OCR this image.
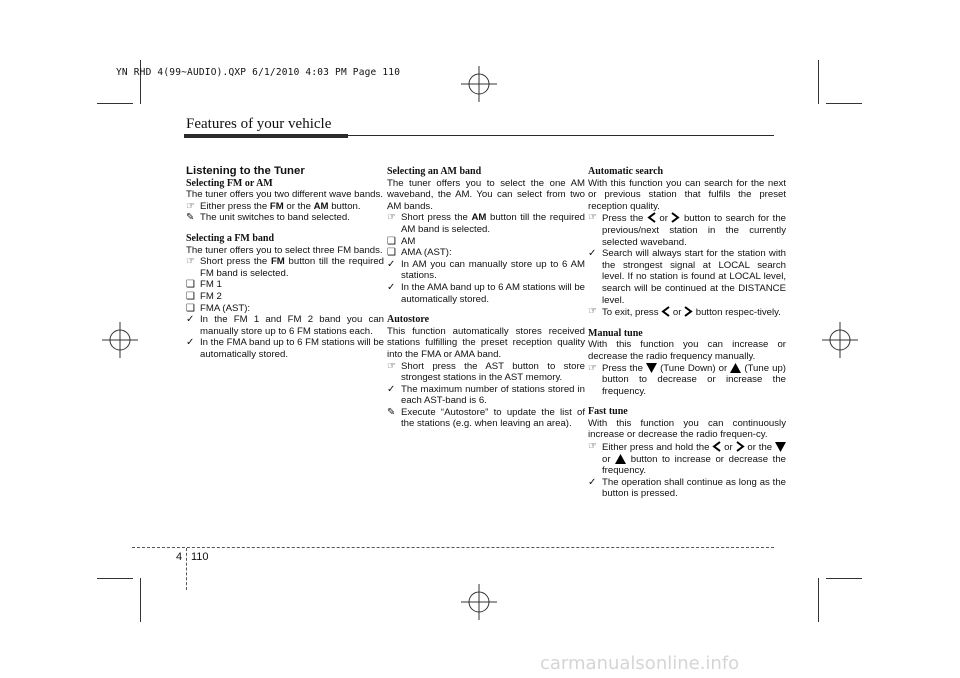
YN RHD 4(99~AUDIO).QXP 6/1/2010 4:03 PM Page 110
Features of your vehicle

Listening to the Tuner

Selecting FM or AM

The tuner offers you two different wave bands.

☞ Either press the FM or the AM button.
✎ The unit switches to band selected.

Selecting a FM band

The tuner offers you to select three FM bands.

☞ Short press the FM button till the required FM band is selected.
❑ FM 1
❑ FM 2
❑ FMA (AST):
✓ In the FM 1 and FM 2 band you can manually store up to 6 FM stations each.
✓ In the FMA band up to 6 FM stations will be automatically stored.

Selecting an AM band

The tuner offers you to select the one AM waveband, the AM. You can select from two AM bands.

☞ Short press the AM button till the required AM band is selected.
❑ AM
❑ AMA (AST):
✓ In AM you can manually store up to 6 AM stations.
✓ In the AMA band up to 6 AM stations will be automatically stored.

Autostore

This function automatically stores received stations fulfilling the preset reception quality into the FMA or AMA band.

☞ Short press the AST button to store strongest stations in the AST memory.
✓ The maximum number of stations stored in each AST-band is 6.
✎ Execute “Autostore” to update the list of the stations (e.g. when leaving an area).

Automatic search

With this function you can search for the next or previous station that fulfils the preset reception quality.

☞ Press the or button to search for the previous/next station in the currently selected waveband.
✓ Search will always start for the station with the strongest signal at LOCAL search level. If no station is found at LOCAL level, search will be continued at the DISTANCE level.
☞ To exit, press or button respec-tively.

Manual tune

With this function you can increase or decrease the radio frequency manually.

☞ Press the (Tune Down) or (Tune up) button to decrease or increase the frequency.

Fast tune

With this function you can continuously increase or decrease the radio frequen-cy.

☞ Either press and hold the or or the  or button to increase or decrease the frequency.
✓ The operation shall continue as long as the button is pressed.
4 110
carmanualsonline.info
